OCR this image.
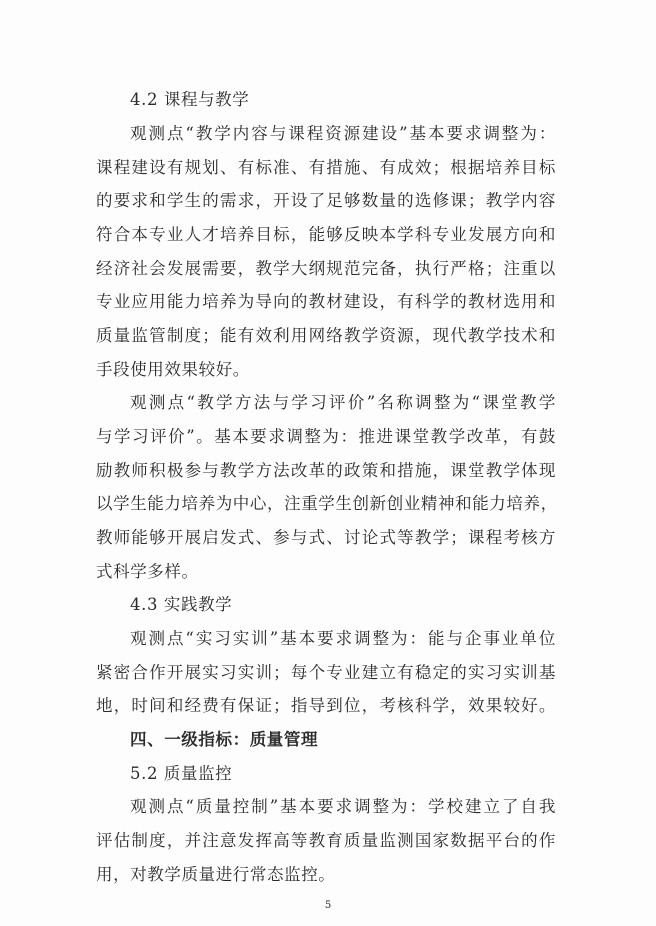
4.2 课程与教学
观测点“教学内容与课程资源建设”基本要求调整为：
课程建设有规划、有标准、有措施、有成效；根据培养目标
的要求和学生的需求，开设了足够数量的选修课；教学内容
符合本专业人才培养目标，能够反映本学科专业发展方向和
经济社会发展需要，教学大纲规范完备，执行严格；注重以
专业应用能力培养为导向的教材建设，有科学的教材选用和
质量监管制度；能有效利用网络教学资源，现代教学技术和
手段使用效果较好。
观测点“教学方法与学习评价”名称调整为“课堂教学
与学习评价”。基本要求调整为：推进课堂教学改革，有鼓
励教师积极参与教学方法改革的政策和措施，课堂教学体现
以学生能力培养为中心，注重学生创新创业精神和能力培养，
教师能够开展启发式、参与式、讨论式等教学；课程考核方
式科学多样。
4.3 实践教学
观测点“实习实训”基本要求调整为：能与企事业单位
紧密合作开展实习实训；每个专业建立有稳定的实习实训基
地，时间和经费有保证；指导到位，考核科学，效果较好。
四、一级指标：质量管理
5.2 质量监控
观测点“质量控制”基本要求调整为：学校建立了自我
评估制度，并注意发挥高等教育质量监测国家数据平台的作
用，对教学质量进行常态监控。
5
